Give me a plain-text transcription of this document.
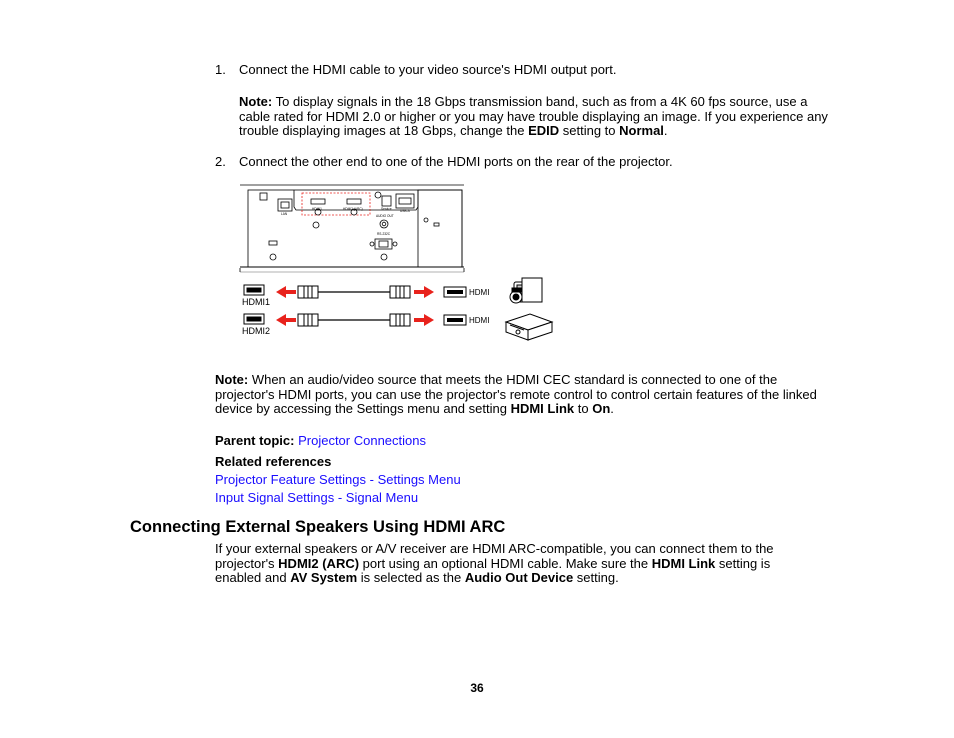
1. Connect the HDMI cable to your video source's HDMI output port.
Note: To display signals in the 18 Gbps transmission band, such as from a 4K 60 fps source, use a cable rated for HDMI 2.0 or higher or you may have trouble displaying an image. If you experience any trouble displaying images at 18 Gbps, change the EDID setting to Normal.
2. Connect the other end to one of the HDMI ports on the rear of the projector.
LAN
HDMI1	HDMI2 (ARC)	Service	USB-A
AUDIO OUT
RS-232C
HDMI1
HDMI2
HDMI
HDMI
Note: When an audio/video source that meets the HDMI CEC standard is connected to one of the projector's HDMI ports, you can use the projector's remote control to control certain features of the linked device by accessing the Settings menu and setting HDMI Link to On.
Parent topic: Projector Connections
Related references
Projector Feature Settings - Settings Menu
Input Signal Settings - Signal Menu
Connecting External Speakers Using HDMI ARC
If your external speakers or A/V receiver are HDMI ARC-compatible, you can connect them to the projector's HDMI2 (ARC) port using an optional HDMI cable. Make sure the HDMI Link setting is enabled and AV System is selected as the Audio Out Device setting.
36
